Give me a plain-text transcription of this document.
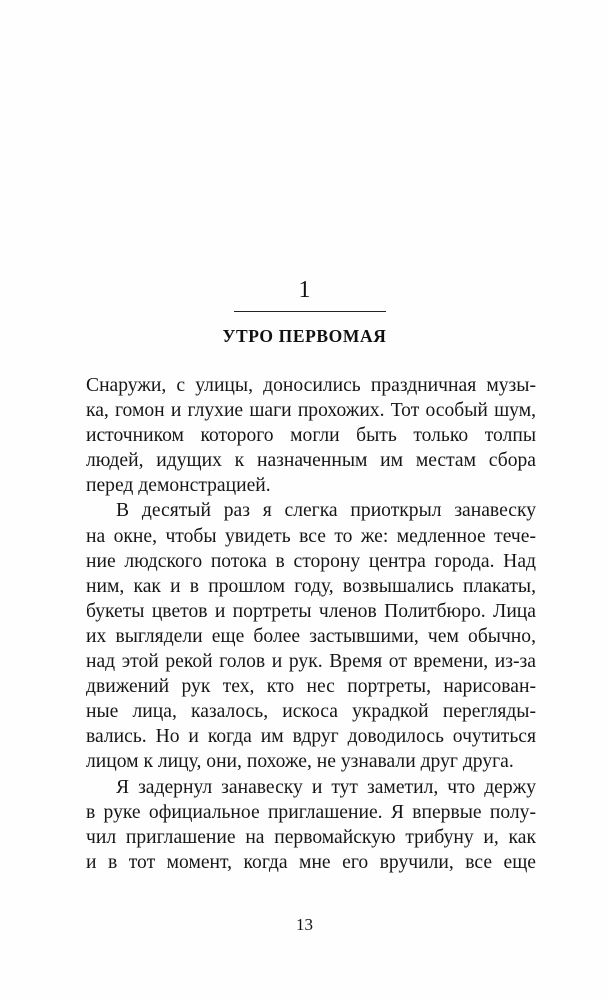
1
УТРО ПЕРВОМАЯ
Снаружи, с улицы, доносились праздничная музы-
ка, гомон и глухие шаги прохожих. Тот особый шум,
источником которого могли быть только толпы
людей, идущих к назначенным им местам сбора
перед демонстрацией.
В десятый раз я слегка приоткрыл занавеску
на окне, чтобы увидеть все то же: медленное тече-
ние людского потока в сторону центра города. Над
ним, как и в прошлом году, возвышались плакаты,
букеты цветов и портреты членов Политбюро. Лица
их выглядели еще более застывшими, чем обычно,
над этой рекой голов и рук. Время от времени, из-за
движений рук тех, кто нес портреты, нарисован-
ные лица, казалось, искоса украдкой перегляды-
вались. Но и когда им вдруг доводилось очутиться
лицом к лицу, они, похоже, не узнавали друг друга.
Я задернул занавеску и тут заметил, что держу
в руке официальное приглашение. Я впервые полу-
чил приглашение на первомайскую трибуну и, как
и в тот момент, когда мне его вручили, все еще
13
